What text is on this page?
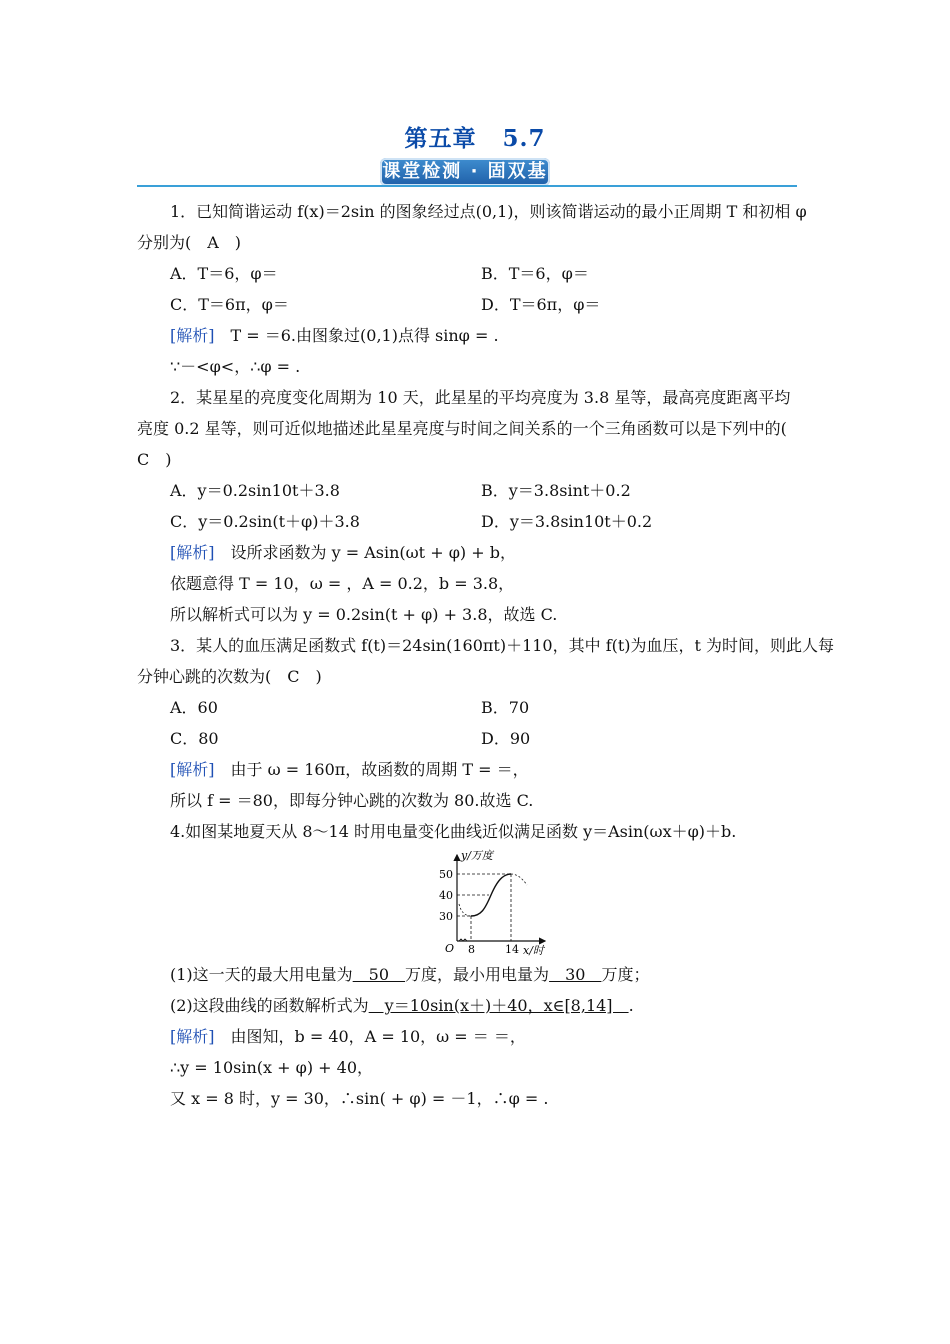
第五章 5.7
课堂检测 · 固双基
1．已知简谐运动 f(x)＝2sin 的图象经过点(0,1)，则该简谐运动的最小正周期 T 和初相 φ
分别为(　A　)
A．T＝6，φ＝	B．T＝6，φ＝
C．T＝6π，φ＝	D．T＝6π，φ＝
[解析]　T = ＝6.由图象过(0,1)点得 sinφ = .
∵－<φ<，∴φ = .
2．某星星的亮度变化周期为 10 天，此星星的平均亮度为 3.8 星等，最高亮度距离平均
亮度 0.2 星等，则可近似地描述此星星亮度与时间之间关系的一个三角函数可以是下列中的(
C　)
A．y＝0.2sin10t＋3.8	B．y＝3.8sint＋0.2
C．y＝0.2sin(t＋φ)＋3.8	D．y＝3.8sin10t＋0.2
[解析]　设所求函数为 y = Asin(ωt + φ) + b，
依题意得 T = 10，ω = ，A = 0.2，b = 3.8，
所以解析式可以为 y = 0.2sin(t + φ) + 3.8，故选 C.
3．某人的血压满足函数式 f(t)＝24sin(160πt)＋110，其中 f(t)为血压，t 为时间，则此人每
分钟心跳的次数为(　C　)
A．60	B．70
C．80	D．90
[解析]　由于 ω = 160π，故函数的周期 T = ＝，
所以 f = ＝80，即每分钟心跳的次数为 80.故选 C.
4.如图某地夏天从 8～14 时用电量变化曲线近似满足函数 y＝Asin(ωx＋φ)＋b.
y/万度
x/时
O
30
40
50
8	14
(1)这一天的最大用电量为　50　万度，最小用电量为　30　万度；
(2)这段曲线的函数解析式为　y＝10sin(x＋)＋40，x∈[8,14]　.
[解析]　由图知，b = 40，A = 10，ω = ＝ ＝，
∴y = 10sin(x + φ) + 40，
又 x = 8 时，y = 30，∴sin( + φ) = －1，∴φ = .
